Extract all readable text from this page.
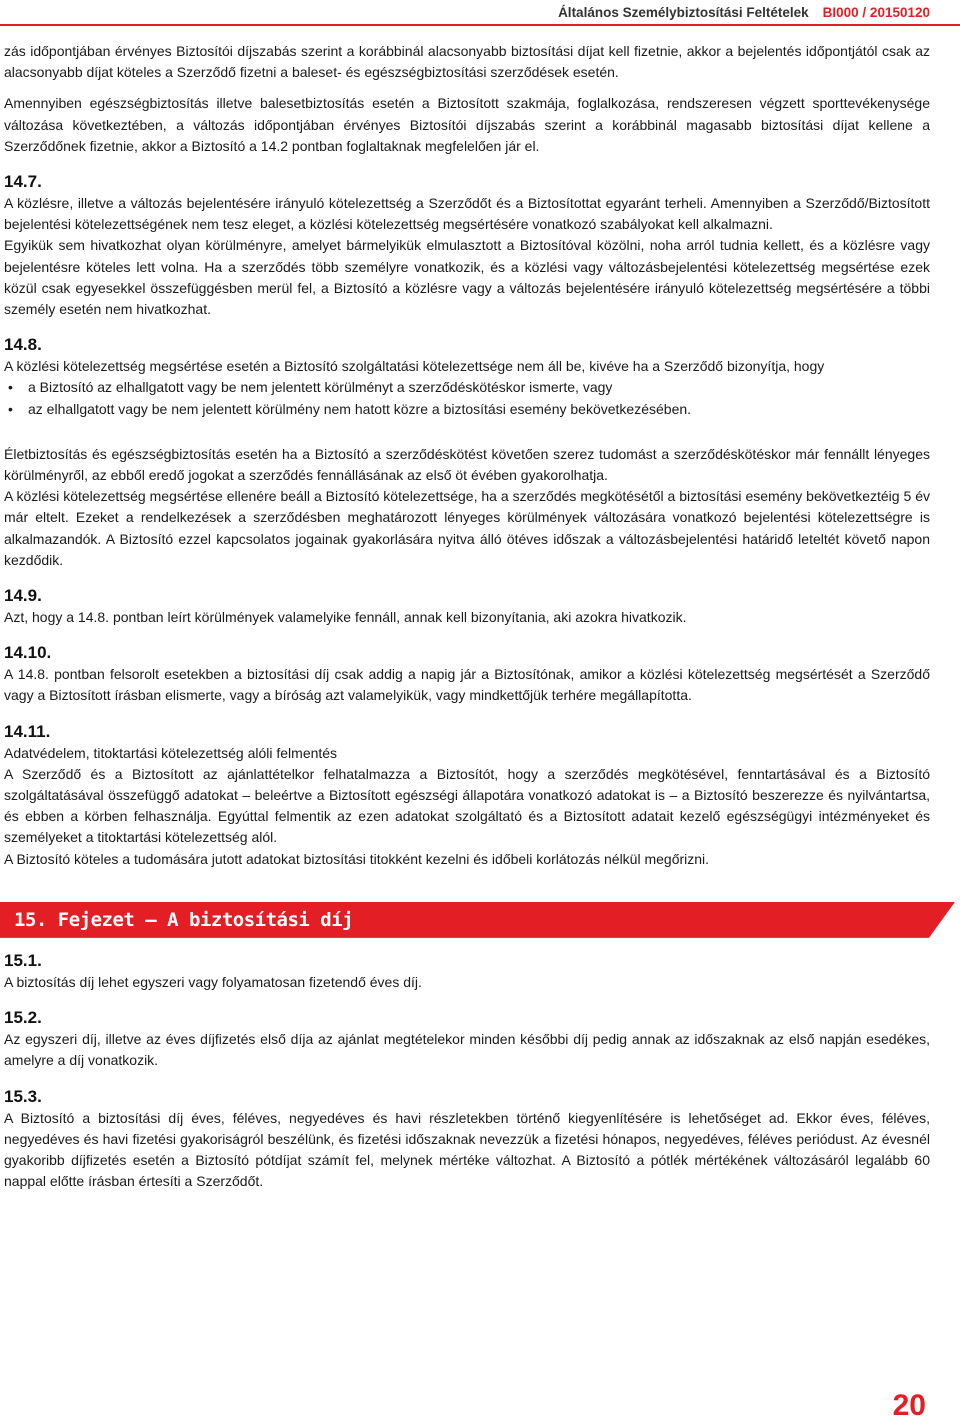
Általános Személybiztosítási Feltételek BI000 / 20150120

zás időpontjában érvényes Biztosítói díjszabás szerint a korábbinál alacsonyabb biztosítási díjat kell fizetnie, akkor a bejelentés időpontjától csak az alacsonyabb díjat köteles a Szerződő fizetni a baleset- és egészségbiztosítási szerződések esetén.

Amennyiben egészségbiztosítás illetve balesetbiztosítás esetén a Biztosított szakmája, foglalkozása, rendszeresen végzett sporttevékenysége változása következtében, a változás időpontjában érvényes Biztosítói díjszabás szerint a korábbinál magasabb biztosítási díjat kellene a Szerződőnek fizetnie, akkor a Biztosító a 14.2 pontban foglaltaknak megfelelően jár el.

14.7.

A közlésre, illetve a változás bejelentésére irányuló kötelezettség a Szerződőt és a Biztosítottat egyaránt terheli. Amennyiben a Szerződő/Biztosított bejelentési kötelezettségének nem tesz eleget, a közlési kötelezettség megsértésére vonatkozó szabályokat kell alkalmazni.

Egyikük sem hivatkozhat olyan körülményre, amelyet bármelyikük elmulasztott a Biztosítóval közölni, noha arról tudnia kellett, és a közlésre vagy bejelentésre köteles lett volna. Ha a szerződés több személyre vonatkozik, és a közlési vagy változásbejelentési kötelezettség megsértése ezek közül csak egyesekkel összefüggésben merül fel, a Biztosító a közlésre vagy a változás bejelentésére irányuló kötelezettség megsértésére a többi személy esetén nem hivatkozhat.

14.8.

A közlési kötelezettség megsértése esetén a Biztosító szolgáltatási kötelezettsége nem áll be, kivéve ha a Szerződő bizonyítja, hogy

• a Biztosító az elhallgatott vagy be nem jelentett körülményt a szerződéskötéskor ismerte, vagy
• az elhallgatott vagy be nem jelentett körülmény nem hatott közre a biztosítási esemény bekövetkezésében.

Életbiztosítás és egészségbiztosítás esetén ha a Biztosító a szerződéskötést követően szerez tudomást a szerződéskötéskor már fennállt lényeges körülményről, az ebből eredő jogokat a szerződés fennállásának az első öt évében gyakorolhatja.

A közlési kötelezettség megsértése ellenére beáll a Biztosító kötelezettsége, ha a szerződés megkötésétől a biztosítási esemény bekövetkeztéig 5 év már eltelt. Ezeket a rendelkezések a szerződésben meghatározott lényeges körülmények változására vonatkozó bejelentési kötelezettségre is alkalmazandók. A Biztosító ezzel kapcsolatos jogainak gyakorlására nyitva álló ötéves időszak a változásbejelentési határidő leteltét követő napon kezdődik.

14.9.

Azt, hogy a 14.8. pontban leírt körülmények valamelyike fennáll, annak kell bizonyítania, aki azokra hivatkozik.

14.10.

A 14.8. pontban felsorolt esetekben a biztosítási díj csak addig a napig jár a Biztosítónak, amikor a közlési kötelezettség megsértését a Szerződő vagy a Biztosított írásban elismerte, vagy a bíróság azt valamelyikük, vagy mindkettőjük terhére megállapította.

14.11.

Adatvédelem, titoktartási kötelezettség alóli felmentés

A Szerződő és a Biztosított az ajánlattételkor felhatalmazza a Biztosítót, hogy a szerződés megkötésével, fenntartásával és a Biztosító szolgáltatásával összefüggő adatokat – beleértve a Biztosított egészségi állapotára vonatkozó adatokat is – a Biztosító beszerezze és nyilvántartsa, és ebben a körben felhasználja. Egyúttal felmentik az ezen adatokat szolgáltató és a Biztosított adatait kezelő egészségügyi intézményeket és személyeket a titoktartási kötelezettség alól.

A Biztosító köteles a tudomására jutott adatokat biztosítási titokként kezelni és időbeli korlátozás nélkül megőrizni.

15. Fejezet – A biztosítási díj
15.1.

A biztosítás díj lehet egyszeri vagy folyamatosan fizetendő éves díj.

15.2.

Az egyszeri díj, illetve az éves díjfizetés első díja az ajánlat megtételekor minden későbbi díj pedig annak az időszaknak az első napján esedékes, amelyre a díj vonatkozik.

15.3.

A Biztosító a biztosítási díj éves, féléves, negyedéves és havi részletekben történő kiegyenlítésére is lehetőséget ad. Ekkor éves, féléves, negyedéves és havi fizetési gyakoriságról beszélünk, és fizetési időszaknak nevezzük a fizetési hónapos, negyedéves, féléves periódust. Az évesnél gyakoribb díjfizetés esetén a Biztosító pótdíjat számít fel, melynek mértéke változhat. A Biztosító a pótlék mértékének változásáról legalább 60 nappal előtte írásban értesíti a Szerződőt.

20
